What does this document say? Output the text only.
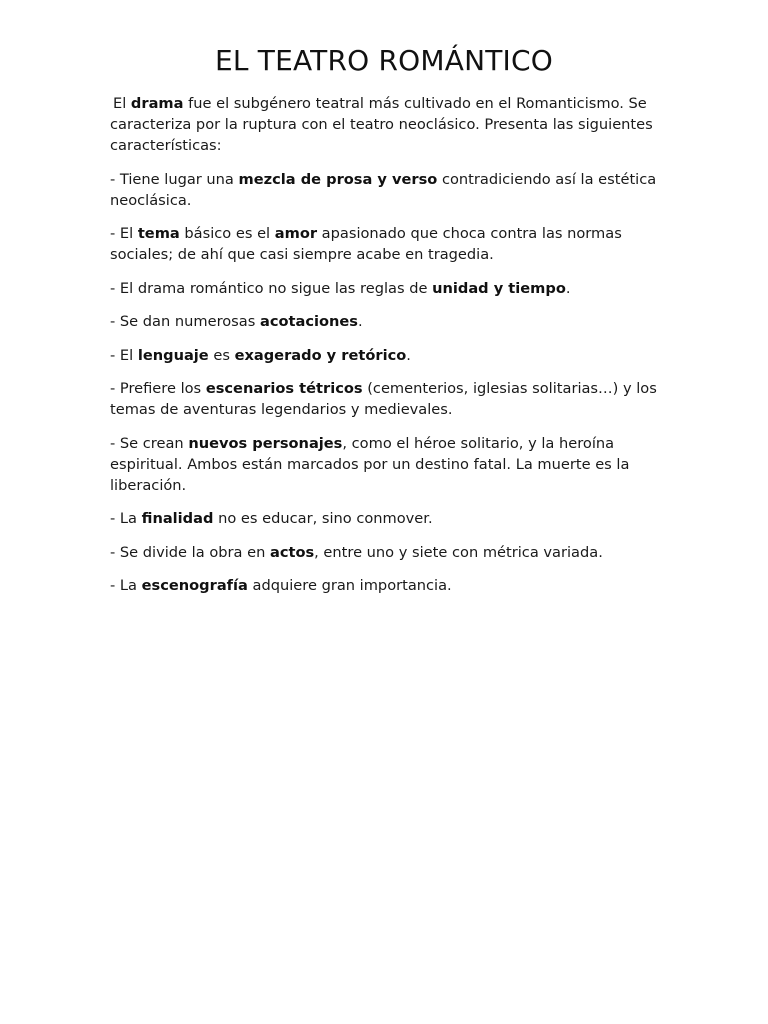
EL TEATRO ROMÁNTICO

El drama fue el subgénero teatral más cultivado en el Romanticismo. Se caracteriza por la ruptura con el teatro neoclásico. Presenta las siguientes características:

- Tiene lugar una mezcla de prosa y verso contradiciendo así la estética neoclásica.

- El tema básico es el amor apasionado que choca contra las normas sociales; de ahí que casi siempre acabe en tragedia.

- El drama romántico no sigue las reglas de unidad y tiempo.

- Se dan numerosas acotaciones.

- El lenguaje es exagerado y retórico.

- Prefiere los escenarios tétricos (cementerios, iglesias solitarias…) y los temas de aventuras legendarios y medievales.

- Se crean nuevos personajes, como el héroe solitario, y la heroína espiritual. Ambos están marcados por un destino fatal. La muerte es la liberación.

- La finalidad no es educar, sino conmover.

- Se divide la obra en actos, entre uno y siete con métrica variada.

- La escenografía adquiere gran importancia.
